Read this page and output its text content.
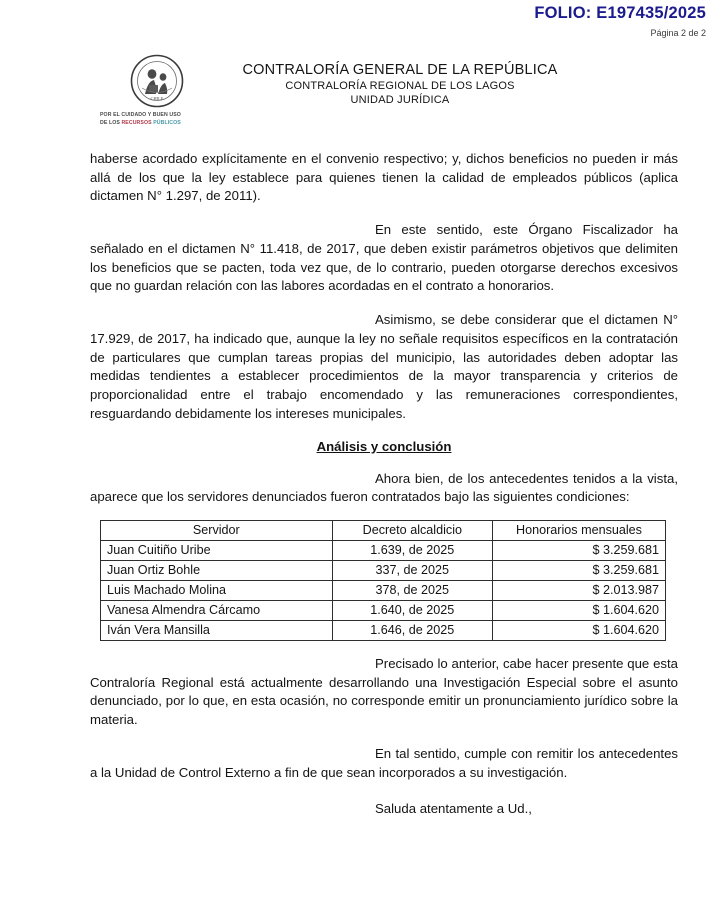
FOLIO: E197435/2025
Página 2 de 2
CHILE
POR EL CUIDADO Y BUEN USO
DE LOS RECURSOS PÚBLICOS
CONTRALORÍA GENERAL DE LA REPÚBLICA
CONTRALORÍA REGIONAL DE LOS LAGOS
UNIDAD JURÍDICA

haberse acordado explícitamente en el convenio respectivo; y, dichos beneficios no pueden ir más allá de los que la ley establece para quienes tienen la calidad de empleados públicos (aplica dictamen N° 1.297, de 2011).

En este sentido, este Órgano Fiscalizador ha señalado en el dictamen N° 11.418, de 2017, que deben existir parámetros objetivos que delimiten los beneficios que se pacten, toda vez que, de lo contrario, pueden otorgarse derechos excesivos que no guardan relación con las labores acordadas en el contrato a honorarios.

Asimismo, se debe considerar que el dictamen N° 17.929, de 2017, ha indicado que, aunque la ley no señale requisitos específicos en la contratación de particulares que cumplan tareas propias del municipio, las autoridades deben adoptar las medidas tendientes a establecer procedimientos de la mayor transparencia y criterios de proporcionalidad entre el trabajo encomendado y las remuneraciones correspondientes, resguardando debidamente los intereses municipales.

Análisis y conclusión

Ahora bien, de los antecedentes tenidos a la vista, aparece que los servidores denunciados fueron contratados bajo las siguientes condiciones:

Servidor	Decreto alcaldicio	Honorarios mensuales
Juan Cuitiño Uribe	1.639, de 2025	$ 3.259.681
Juan Ortiz Bohle	337, de 2025	$ 3.259.681
Luis Machado Molina	378, de 2025	$ 2.013.987
Vanesa Almendra Cárcamo	1.640, de 2025	$ 1.604.620
Iván Vera Mansilla	1.646, de 2025	$ 1.604.620

Precisado lo anterior, cabe hacer presente que esta Contraloría Regional está actualmente desarrollando una Investigación Especial sobre el asunto denunciado, por lo que, en esta ocasión, no corresponde emitir un pronunciamiento jurídico sobre la materia.

En tal sentido, cumple con remitir los antecedentes a la Unidad de Control Externo a fin de que sean incorporados a su investigación.

Saluda atentamente a Ud.,
